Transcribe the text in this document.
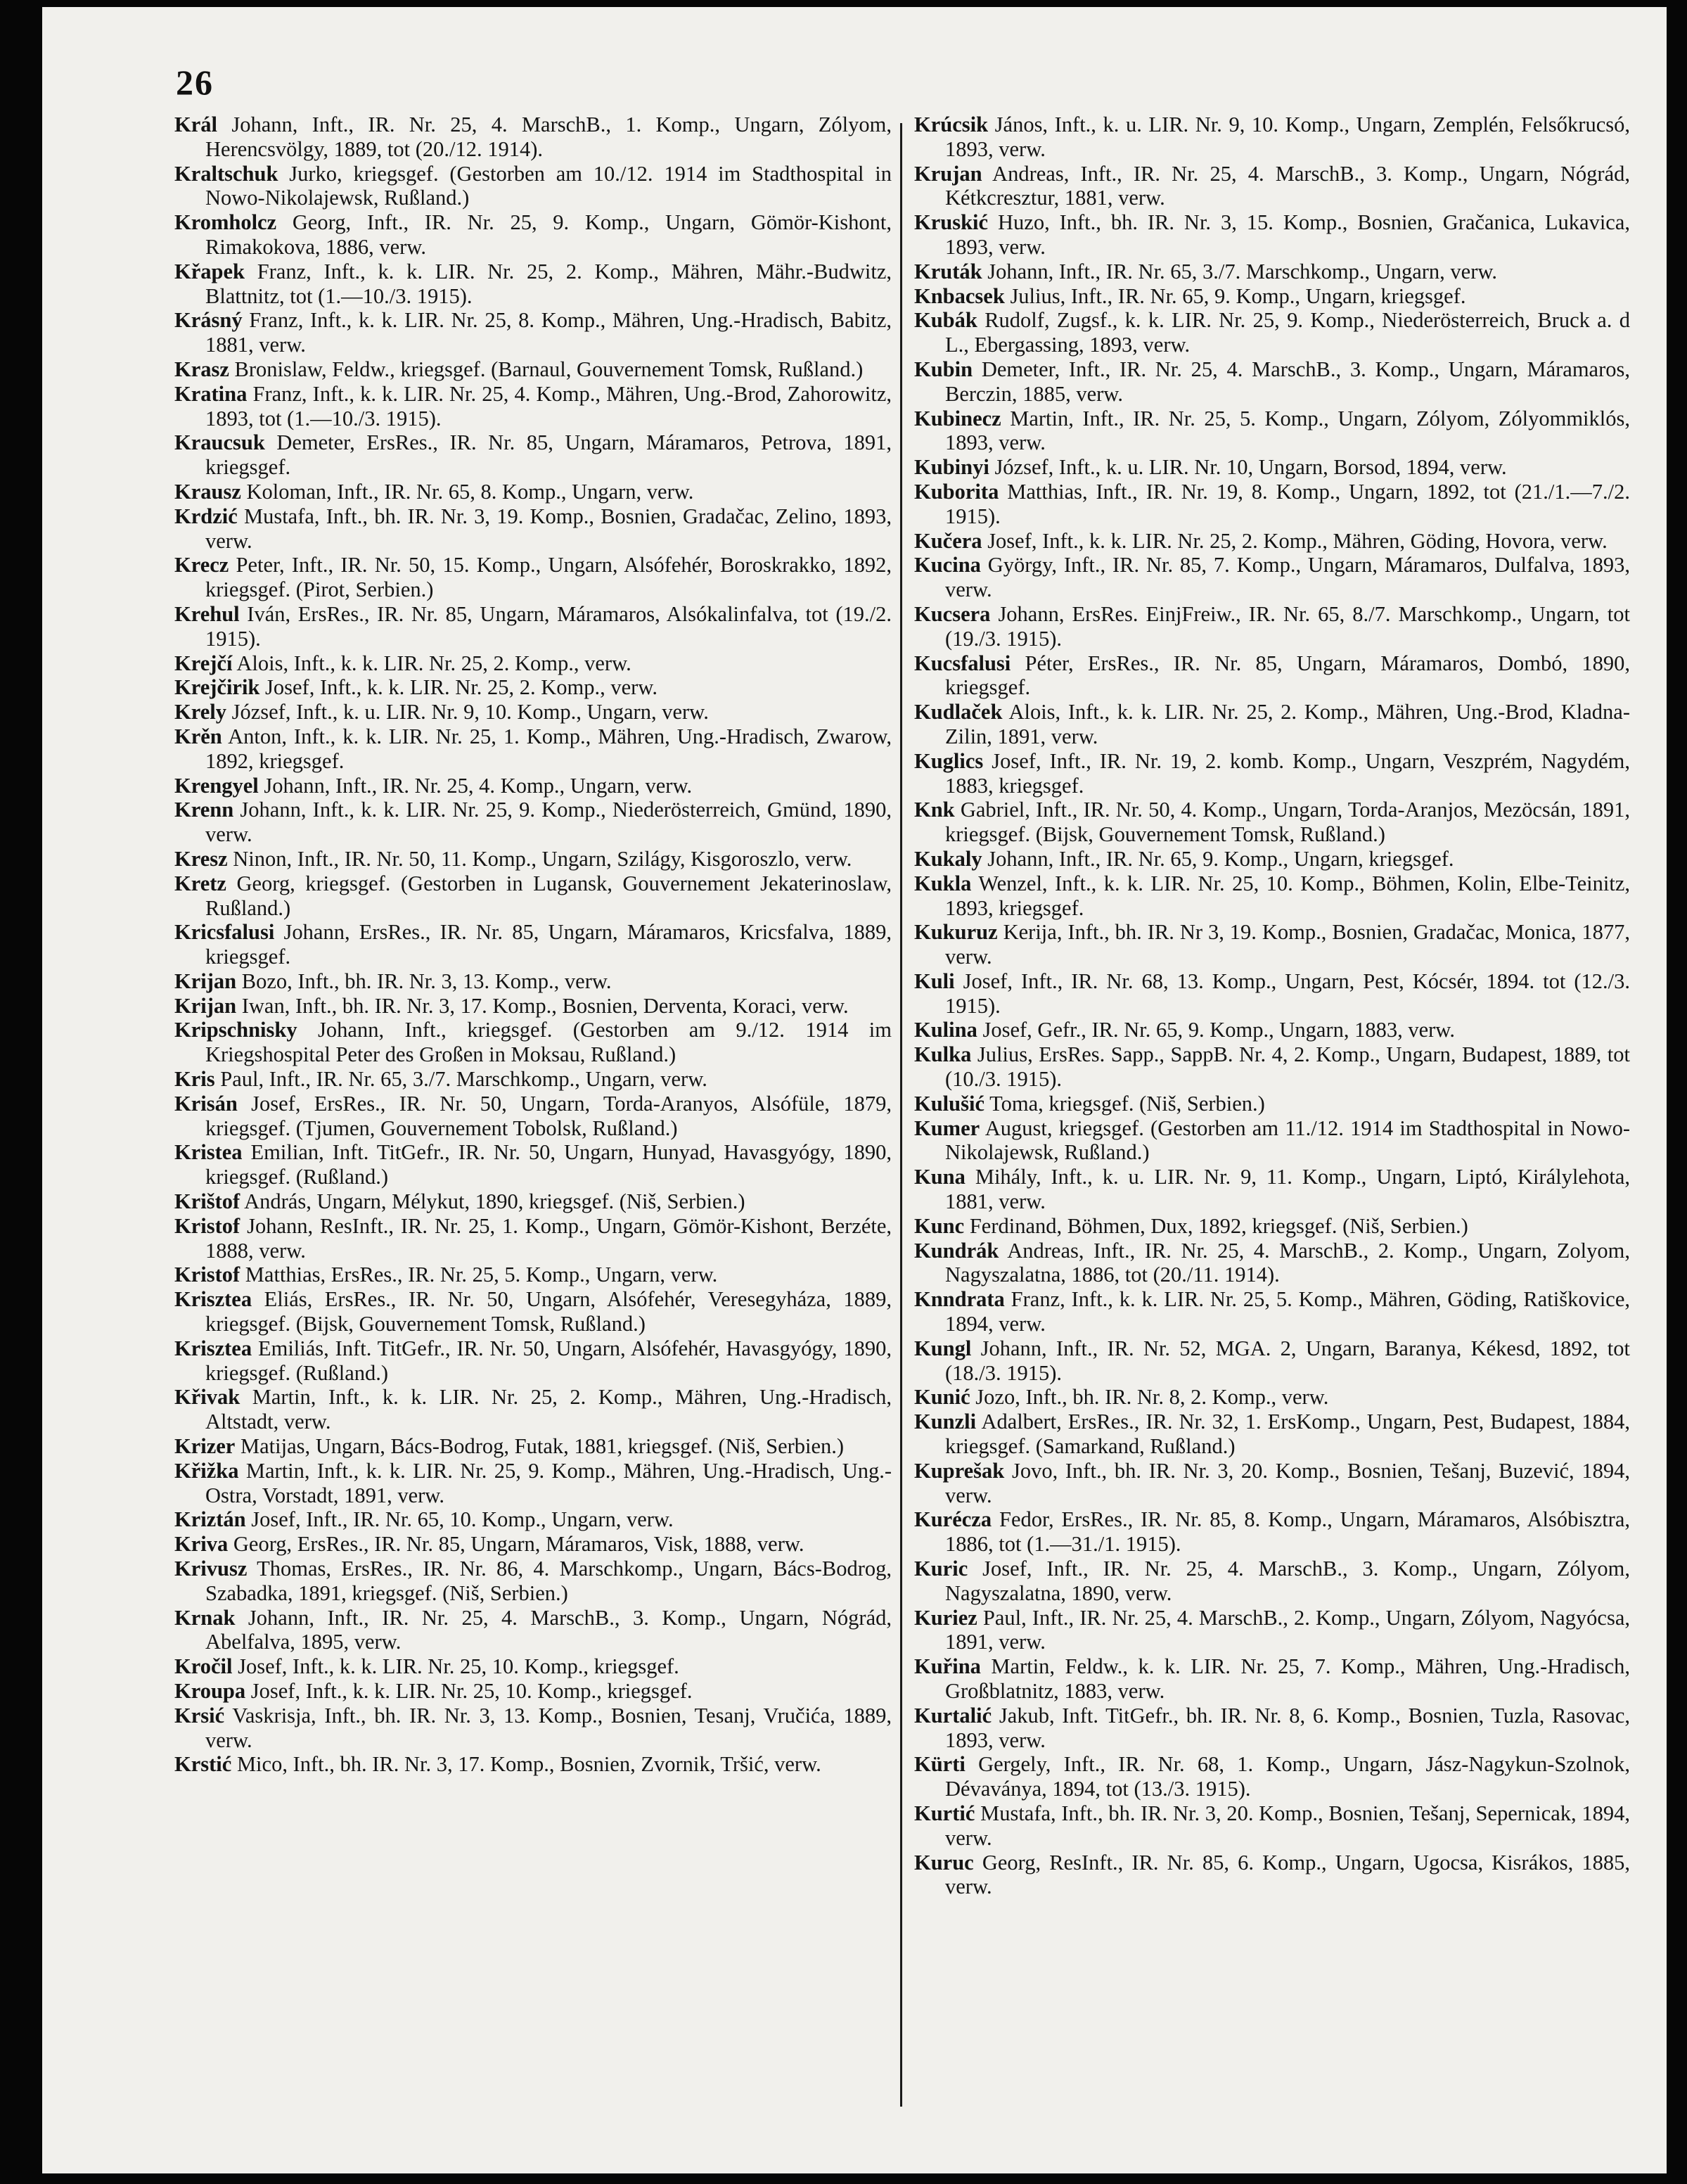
26

Král Johann, Inft., IR. Nr. 25, 4. MarschB., 1. Komp., Ungarn, Zólyom, Herencsvölgy, 1889, tot (20./12. 1914).

Kraltschuk Jurko, kriegsgef. (Gestorben am 10./12. 1914 im Stadthospital in Nowo-Nikolajewsk, Rußland.)

Kromholcz Georg, Inft., IR. Nr. 25, 9. Komp., Ungarn, Gömör-Kishont, Rimakokova, 1886, verw.

Křapek Franz, Inft., k. k. LIR. Nr. 25, 2. Komp., Mähren, Mähr.-Budwitz, Blattnitz, tot (1.—10./3. 1915).

Krásný Franz, Inft., k. k. LIR. Nr. 25, 8. Komp., Mähren, Ung.-Hradisch, Babitz, 1881, verw.

Krasz Bronislaw, Feldw., kriegsgef. (Barnaul, Gouvernement Tomsk, Rußland.)

Kratina Franz, Inft., k. k. LIR. Nr. 25, 4. Komp., Mähren, Ung.-Brod, Zahorowitz, 1893, tot (1.—10./3. 1915).

Kraucsuk Demeter, ErsRes., IR. Nr. 85, Ungarn, Máramaros, Petrova, 1891, kriegsgef.

Krausz Koloman, Inft., IR. Nr. 65, 8. Komp., Ungarn, verw.

Krdzić Mustafa, Inft., bh. IR. Nr. 3, 19. Komp., Bosnien, Gradačac, Zelino, 1893, verw.

Krecz Peter, Inft., IR. Nr. 50, 15. Komp., Ungarn, Alsófehér, Boroskrakko, 1892, kriegsgef. (Pirot, Serbien.)

Krehul Iván, ErsRes., IR. Nr. 85, Ungarn, Máramaros, Alsókalinfalva, tot (19./2. 1915).

Krejčí Alois, Inft., k. k. LIR. Nr. 25, 2. Komp., verw.

Krejčirik Josef, Inft., k. k. LIR. Nr. 25, 2. Komp., verw.

Krely József, Inft., k. u. LIR. Nr. 9, 10. Komp., Ungarn, verw.

Krěn Anton, Inft., k. k. LIR. Nr. 25, 1. Komp., Mähren, Ung.-Hradisch, Zwarow, 1892, kriegsgef.

Krengyel Johann, Inft., IR. Nr. 25, 4. Komp., Ungarn, verw.

Krenn Johann, Inft., k. k. LIR. Nr. 25, 9. Komp., Niederösterreich, Gmünd, 1890, verw.

Kresz Ninon, Inft., IR. Nr. 50, 11. Komp., Ungarn, Szilágy, Kisgoroszlo, verw.

Kretz Georg, kriegsgef. (Gestorben in Lugansk, Gouvernement Jekaterinoslaw, Rußland.)

Kricsfalusi Johann, ErsRes., IR. Nr. 85, Ungarn, Máramaros, Kricsfalva, 1889, kriegsgef.

Krijan Bozo, Inft., bh. IR. Nr. 3, 13. Komp., verw.

Krijan Iwan, Inft., bh. IR. Nr. 3, 17. Komp., Bosnien, Derventa, Koraci, verw.

Kripschnisky Johann, Inft., kriegsgef. (Gestorben am 9./12. 1914 im Kriegshospital Peter des Großen in Moksau, Rußland.)

Kris Paul, Inft., IR. Nr. 65, 3./7. Marschkomp., Ungarn, verw.

Krisán Josef, ErsRes., IR. Nr. 50, Ungarn, Torda-Aranyos, Alsófüle, 1879, kriegsgef. (Tjumen, Gouvernement Tobolsk, Rußland.)

Kristea Emilian, Inft. TitGefr., IR. Nr. 50, Ungarn, Hunyad, Havasgyógy, 1890, kriegsgef. (Rußland.)

Krištof András, Ungarn, Mélykut, 1890, kriegsgef. (Niš, Serbien.)

Kristof Johann, ResInft., IR. Nr. 25, 1. Komp., Ungarn, Gömör-Kishont, Berzéte, 1888, verw.

Kristof Matthias, ErsRes., IR. Nr. 25, 5. Komp., Ungarn, verw.

Krisztea Eliás, ErsRes., IR. Nr. 50, Ungarn, Alsófehér, Veresegyháza, 1889, kriegsgef. (Bijsk, Gouvernement Tomsk, Rußland.)

Krisztea Emiliás, Inft. TitGefr., IR. Nr. 50, Ungarn, Alsófehér, Havasgyógy, 1890, kriegsgef. (Rußland.)

Křivak Martin, Inft., k. k. LIR. Nr. 25, 2. Komp., Mähren, Ung.-Hradisch, Altstadt, verw.

Krizer Matijas, Ungarn, Bács-Bodrog, Futak, 1881, kriegsgef. (Niš, Serbien.)

Křižka Martin, Inft., k. k. LIR. Nr. 25, 9. Komp., Mähren, Ung.-Hradisch, Ung.-Ostra, Vorstadt, 1891, verw.

Kriztán Josef, Inft., IR. Nr. 65, 10. Komp., Ungarn, verw.

Kriva Georg, ErsRes., IR. Nr. 85, Ungarn, Máramaros, Visk, 1888, verw.

Krivusz Thomas, ErsRes., IR. Nr. 86, 4. Marschkomp., Ungarn, Bács-Bodrog, Szabadka, 1891, kriegsgef. (Niš, Serbien.)

Krnak Johann, Inft., IR. Nr. 25, 4. MarschB., 3. Komp., Ungarn, Nógrád, Abelfalva, 1895, verw.

Kročil Josef, Inft., k. k. LIR. Nr. 25, 10. Komp., kriegsgef.

Kroupa Josef, Inft., k. k. LIR. Nr. 25, 10. Komp., kriegsgef.

Krsić Vaskrisja, Inft., bh. IR. Nr. 3, 13. Komp., Bosnien, Tesanj, Vručića, 1889, verw.

Krstić Mico, Inft., bh. IR. Nr. 3, 17. Komp., Bosnien, Zvornik, Tršić, verw.

Krúcsik János, Inft., k. u. LIR. Nr. 9, 10. Komp., Ungarn, Zemplén, Felsőkrucsó, 1893, verw.

Krujan Andreas, Inft., IR. Nr. 25, 4. MarschB., 3. Komp., Ungarn, Nógrád, Kétkcresztur, 1881, verw.

Kruskić Huzo, Inft., bh. IR. Nr. 3, 15. Komp., Bosnien, Gračanica, Lukavica, 1893, verw.

Kruták Johann, Inft., IR. Nr. 65, 3./7. Marschkomp., Ungarn, verw.

Knbacsek Julius, Inft., IR. Nr. 65, 9. Komp., Ungarn, kriegsgef.

Kubák Rudolf, Zugsf., k. k. LIR. Nr. 25, 9. Komp., Niederösterreich, Bruck a. d L., Ebergassing, 1893, verw.

Kubin Demeter, Inft., IR. Nr. 25, 4. MarschB., 3. Komp., Ungarn, Máramaros, Berczin, 1885, verw.

Kubinecz Martin, Inft., IR. Nr. 25, 5. Komp., Ungarn, Zólyom, Zólyommiklós, 1893, verw.

Kubinyi József, Inft., k. u. LIR. Nr. 10, Ungarn, Borsod, 1894, verw.

Kuborita Matthias, Inft., IR. Nr. 19, 8. Komp., Ungarn, 1892, tot (21./1.—7./2. 1915).

Kučera Josef, Inft., k. k. LIR. Nr. 25, 2. Komp., Mähren, Göding, Hovora, verw.

Kucina György, Inft., IR. Nr. 85, 7. Komp., Ungarn, Máramaros, Dulfalva, 1893, verw.

Kucsera Johann, ErsRes. EinjFreiw., IR. Nr. 65, 8./7. Marschkomp., Ungarn, tot (19./3. 1915).

Kucsfalusi Péter, ErsRes., IR. Nr. 85, Ungarn, Máramaros, Dombó, 1890, kriegsgef.

Kudlaček Alois, Inft., k. k. LIR. Nr. 25, 2. Komp., Mähren, Ung.-Brod, Kladna-Zilin, 1891, verw.

Kuglics Josef, Inft., IR. Nr. 19, 2. komb. Komp., Ungarn, Veszprém, Nagydém, 1883, kriegsgef.

Knk Gabriel, Inft., IR. Nr. 50, 4. Komp., Ungarn, Torda-Aranjos, Mezöcsán, 1891, kriegsgef. (Bijsk, Gouvernement Tomsk, Rußland.)

Kukaly Johann, Inft., IR. Nr. 65, 9. Komp., Ungarn, kriegsgef.

Kukla Wenzel, Inft., k. k. LIR. Nr. 25, 10. Komp., Böhmen, Kolin, Elbe-Teinitz, 1893, kriegsgef.

Kukuruz Kerija, Inft., bh. IR. Nr 3, 19. Komp., Bosnien, Gradačac, Monica, 1877, verw.

Kuli Josef, Inft., IR. Nr. 68, 13. Komp., Ungarn, Pest, Kócsér, 1894. tot (12./3. 1915).

Kulina Josef, Gefr., IR. Nr. 65, 9. Komp., Ungarn, 1883, verw.

Kulka Julius, ErsRes. Sapp., SappB. Nr. 4, 2. Komp., Ungarn, Budapest, 1889, tot (10./3. 1915).

Kulušić Toma, kriegsgef. (Niš, Serbien.)

Kumer August, kriegsgef. (Gestorben am 11./12. 1914 im Stadthospital in Nowo-Nikolajewsk, Rußland.)

Kuna Mihály, Inft., k. u. LIR. Nr. 9, 11. Komp., Ungarn, Liptó, Királylehota, 1881, verw.

Kunc Ferdinand, Böhmen, Dux, 1892, kriegsgef. (Niš, Serbien.)

Kundrák Andreas, Inft., IR. Nr. 25, 4. MarschB., 2. Komp., Ungarn, Zolyom, Nagyszalatna, 1886, tot (20./11. 1914).

Knndrata Franz, Inft., k. k. LIR. Nr. 25, 5. Komp., Mähren, Göding, Ratiškovice, 1894, verw.

Kungl Johann, Inft., IR. Nr. 52, MGA. 2, Ungarn, Baranya, Kékesd, 1892, tot (18./3. 1915).

Kunić Jozo, Inft., bh. IR. Nr. 8, 2. Komp., verw.

Kunzli Adalbert, ErsRes., IR. Nr. 32, 1. ErsKomp., Ungarn, Pest, Budapest, 1884, kriegsgef. (Samarkand, Rußland.)

Kuprešak Jovo, Inft., bh. IR. Nr. 3, 20. Komp., Bosnien, Tešanj, Buzević, 1894, verw.

Kurécza Fedor, ErsRes., IR. Nr. 85, 8. Komp., Ungarn, Máramaros, Alsóbisztra, 1886, tot (1.—31./1. 1915).

Kuric Josef, Inft., IR. Nr. 25, 4. MarschB., 3. Komp., Ungarn, Zólyom, Nagyszalatna, 1890, verw.

Kuriez Paul, Inft., IR. Nr. 25, 4. MarschB., 2. Komp., Ungarn, Zólyom, Nagyócsa, 1891, verw.

Kuřina Martin, Feldw., k. k. LIR. Nr. 25, 7. Komp., Mähren, Ung.-Hradisch, Großblatnitz, 1883, verw.

Kurtalić Jakub, Inft. TitGefr., bh. IR. Nr. 8, 6. Komp., Bosnien, Tuzla, Rasovac, 1893, verw.

Kürti Gergely, Inft., IR. Nr. 68, 1. Komp., Ungarn, Jász-Nagykun-Szolnok, Dévaványa, 1894, tot (13./3. 1915).

Kurtić Mustafa, Inft., bh. IR. Nr. 3, 20. Komp., Bosnien, Tešanj, Sepernicak, 1894, verw.

Kuruc Georg, ResInft., IR. Nr. 85, 6. Komp., Ungarn, Ugocsa, Kisrákos, 1885, verw.
